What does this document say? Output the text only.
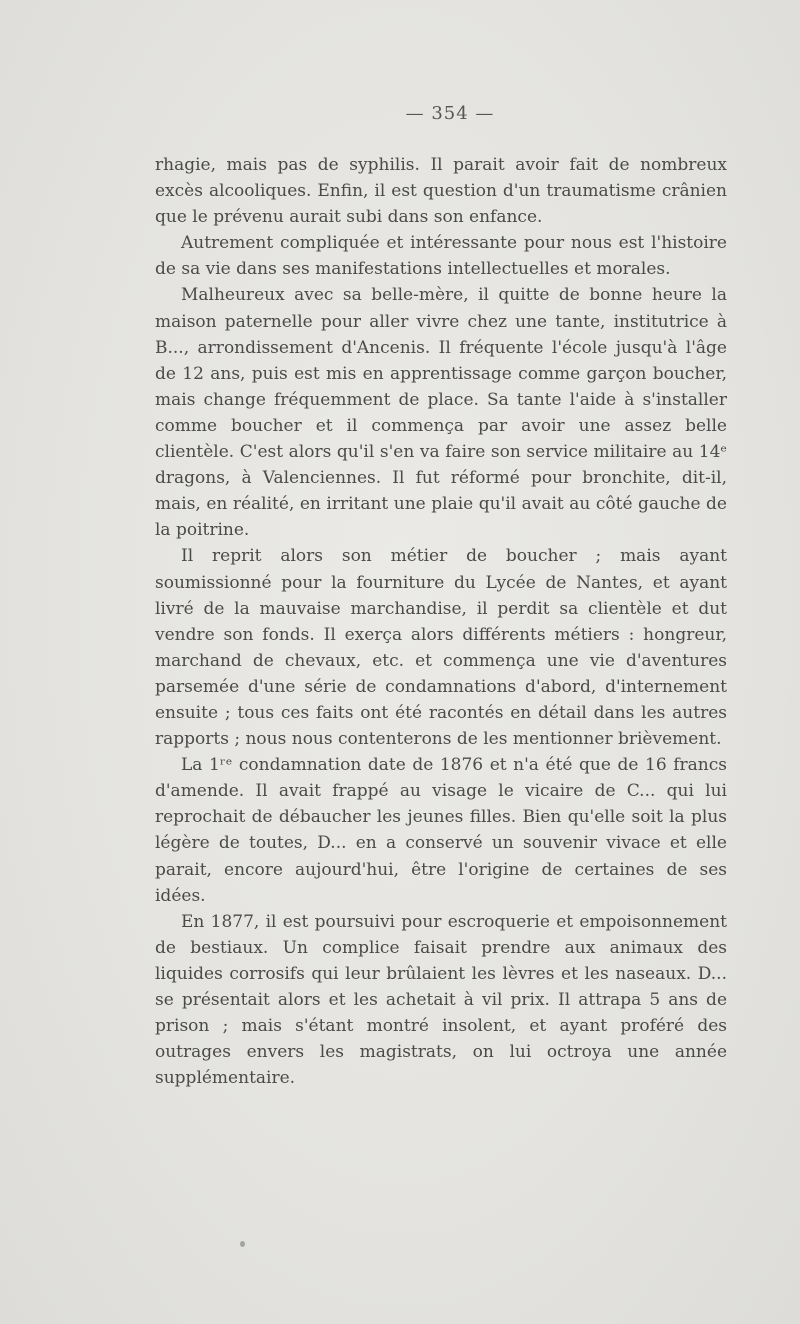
— 354 —

rhagie, mais pas de syphilis. Il parait avoir fait de nombreux excès alcooliques. Enfin, il est question d'un traumatisme crânien que le prévenu aurait subi dans son enfance.

Autrement compliquée et intéressante pour nous est l'histoire de sa vie dans ses manifestations intellectuelles et morales.

Malheureux avec sa belle-mère, il quitte de bonne heure la maison paternelle pour aller vivre chez une tante, institutrice à B..., arrondissement d'Ancenis. Il fréquente l'école jusqu'à l'âge de 12 ans, puis est mis en apprentissage comme garçon boucher, mais change fréquemment de place. Sa tante l'aide à s'installer comme boucher et il commença par avoir une assez belle clientèle. C'est alors qu'il s'en va faire son service militaire au 14ᵉ dragons, à Valenciennes. Il fut réformé pour bronchite, dit-il, mais, en réalité, en irritant une plaie qu'il avait au côté gauche de la poitrine.

Il reprit alors son métier de boucher ; mais ayant soumissionné pour la fourniture du Lycée de Nantes, et ayant livré de la mauvaise marchandise, il perdit sa clientèle et dut vendre son fonds. Il exerça alors différents métiers : hongreur, marchand de chevaux, etc. et commença une vie d'aventures parsemée d'une série de condamnations d'abord, d'internement ensuite ; tous ces faits ont été racontés en détail dans les autres rapports ; nous nous contenterons de les mentionner brièvement.

La 1ʳᵉ condamnation date de 1876 et n'a été que de 16 francs d'amende. Il avait frappé au visage le vicaire de C... qui lui reprochait de débaucher les jeunes filles. Bien qu'elle soit la plus légère de toutes, D... en a conservé un souvenir vivace et elle parait, encore aujourd'hui, être l'origine de certaines de ses idées.

En 1877, il est poursuivi pour escroquerie et empoisonnement de bestiaux. Un complice faisait prendre aux animaux des liquides corrosifs qui leur brûlaient les lèvres et les naseaux. D... se présentait alors et les achetait à vil prix. Il attrapa 5 ans de prison ; mais s'étant montré insolent, et ayant proféré des outrages envers les magistrats, on lui octroya une année supplémentaire.
